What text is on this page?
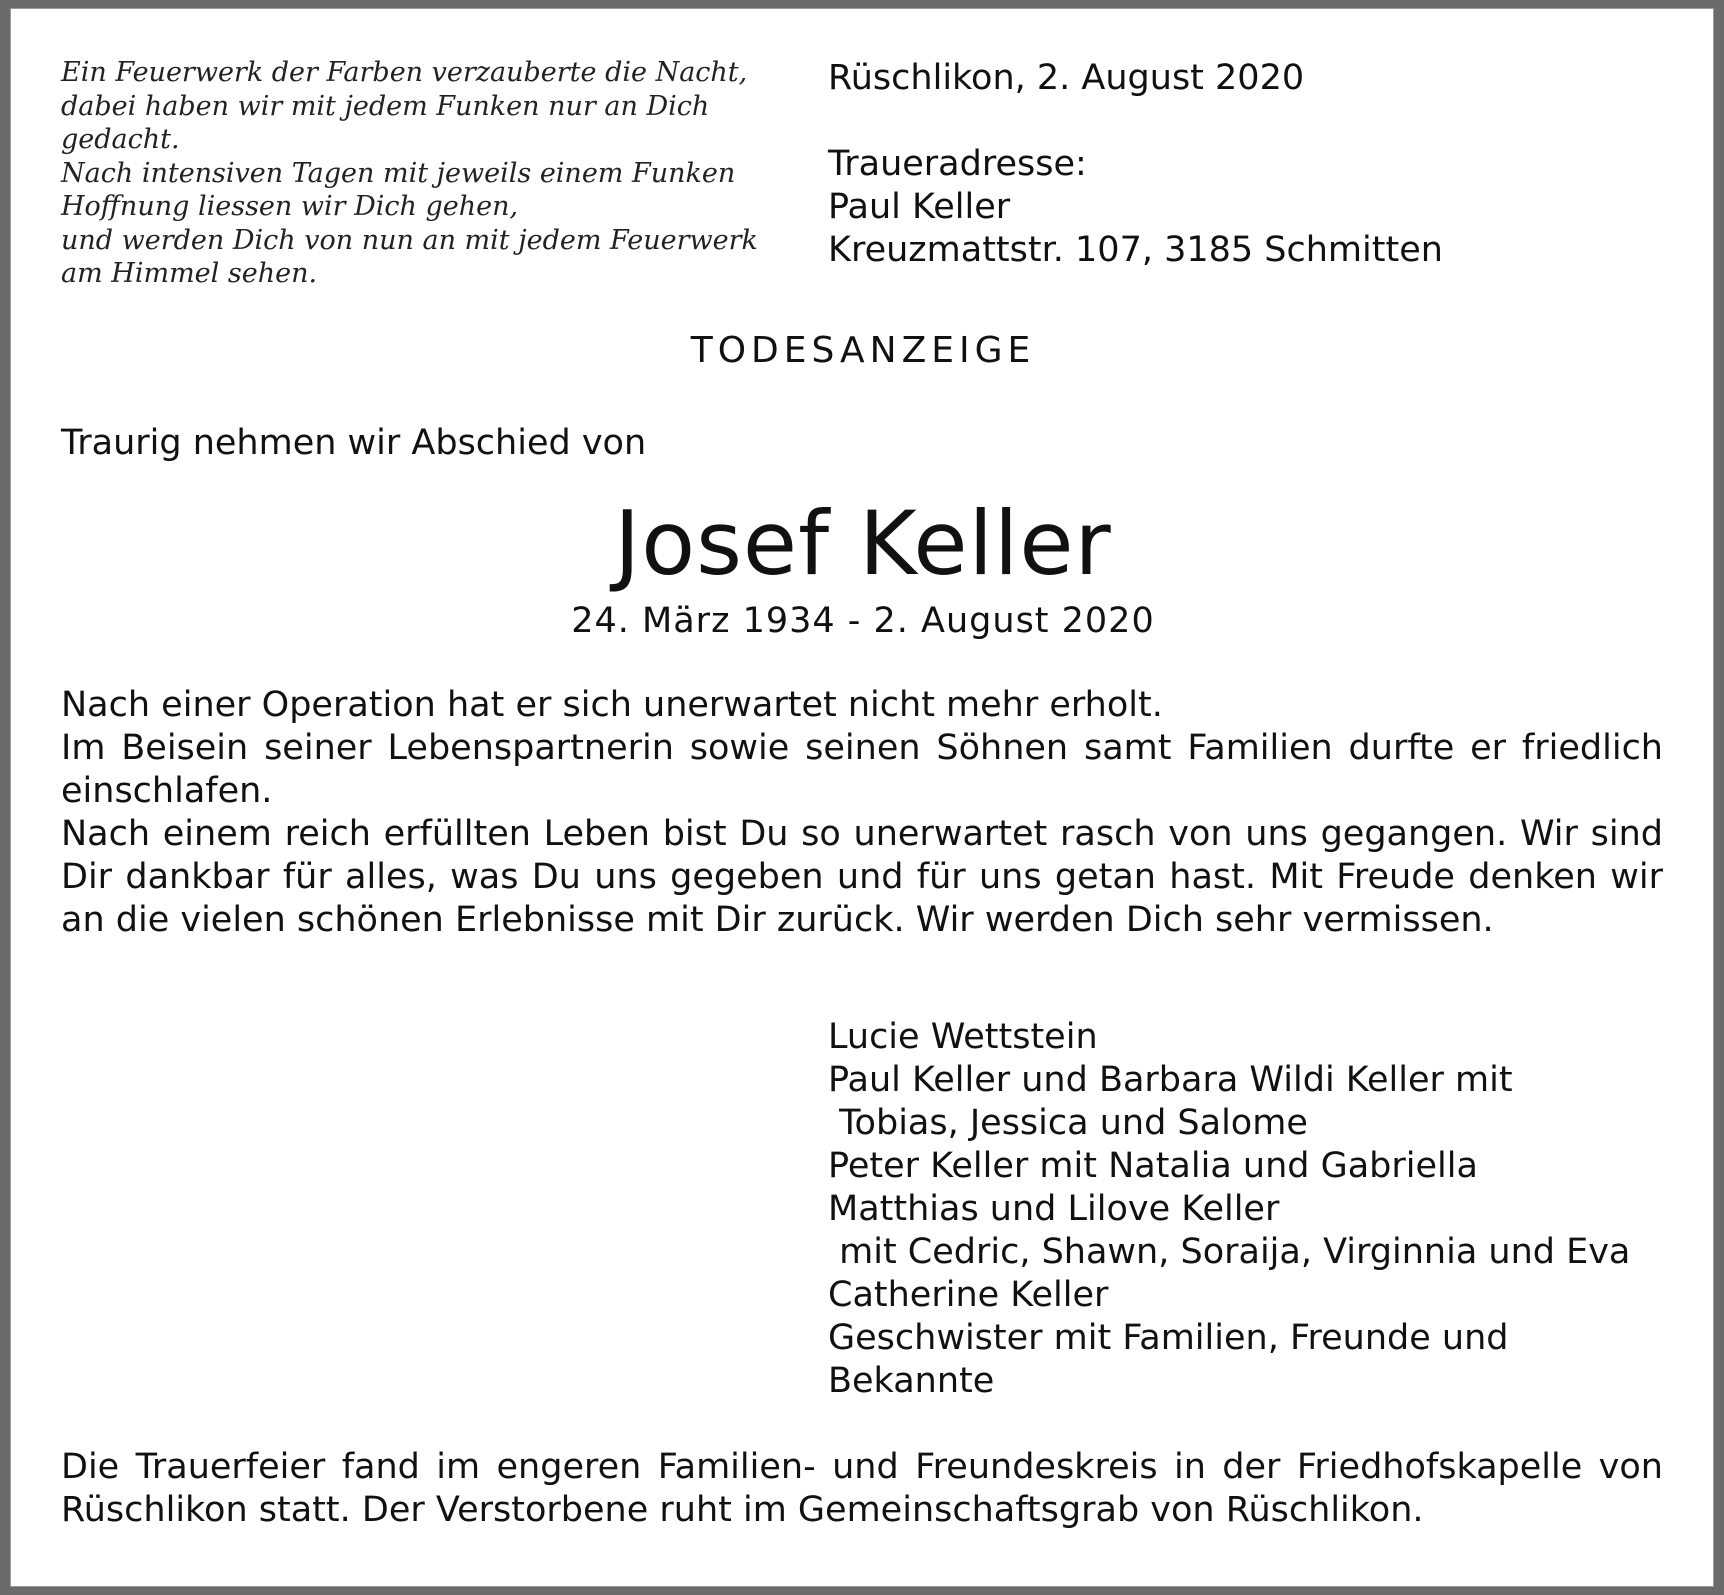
Ein Feuerwerk der Farben verzauberte die Nacht,
dabei haben wir mit jedem Funken nur an Dich
gedacht.
Nach intensiven Tagen mit jeweils einem Funken
Hoffnung liessen wir Dich gehen,
und werden Dich von nun an mit jedem Feuerwerk
am Himmel sehen.
Rüschlikon, 2. August 2020
Traueradresse:
Paul Keller
Kreuzmattstr. 107, 3185 Schmitten
TODESANZEIGE
Traurig nehmen wir Abschied von
Josef Keller
24. März 1934 - 2. August 2020

Nach einer Operation hat er sich unerwartet nicht mehr erholt.

Im Beisein seiner Lebenspartnerin sowie seinen Söhnen samt Familien durfte er friedlich einschlafen.

Nach einem reich erfüllten Leben bist Du so unerwartet rasch von uns gegangen. Wir sind Dir dankbar für alles, was Du uns gegeben und für uns getan hast. Mit Freude denken wir an die vielen schönen Erlebnisse mit Dir zurück. Wir werden Dich sehr vermissen.

Lucie Wettstein
Paul Keller und Barbara Wildi Keller mit
Tobias, Jessica und Salome
Peter Keller mit Natalia und Gabriella
Matthias und Lilove Keller
mit Cedric, Shawn, Soraija, Virginnia und Eva
Catherine Keller
Geschwister mit Familien, Freunde und
Bekannte

Die Trauerfeier fand im engeren Familien- und Freundeskreis in der Friedhofskapelle von Rüschlikon statt. Der Verstorbene ruht im Gemeinschaftsgrab von Rüschlikon.
